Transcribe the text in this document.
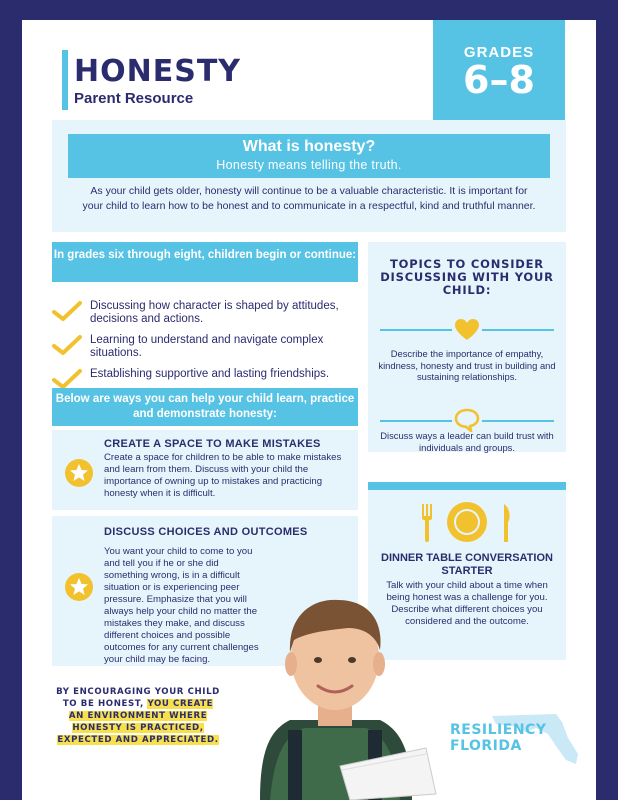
HONESTY
Parent Resource
GRADES
6–8
What is honesty?
Honesty means telling the truth.
As your child gets older, honesty will continue to be a valuable characteristic. It is important for your child to learn how to be honest and to communicate in a respectful, kind and truthful manner.
In grades six through eight, children begin or continue:
Discussing how character is shaped by attitudes, decisions and actions.
Learning to understand and navigate complex situations.
Establishing supportive and lasting friendships.
Below are ways you can help your child learn, practice and demonstrate honesty:
CREATE A SPACE TO MAKE MISTAKES
Create a space for children to be able to make mistakes and learn from them. Discuss with your child the importance of owning up to mistakes and practicing honesty when it is difficult.
DISCUSS CHOICES AND OUTCOMES
You want your child to come to you and tell you if he or she did something wrong, is in a difficult situation or is experiencing peer pressure. Emphasize that you will always help your child no matter the mistakes they make, and discuss different choices and possible outcomes for any current challenges your child may be facing.
TOPICS TO CONSIDER DISCUSSING WITH YOUR CHILD:
Describe the importance of empathy, kindness, honesty and trust in building and sustaining relationships.
Discuss ways a leader can build trust with individuals and groups.
DINNER TABLE CONVERSATION STARTER
Talk with your child about a time when being honest was a challenge for you. Describe what different choices you considered and the outcome.
BY ENCOURAGING YOUR CHILD TO BE HONEST, YOU CREATE AN ENVIRONMENT WHERE HONESTY IS PRACTICED, EXPECTED AND APPRECIATED.
RESILIENCY
FLORIDA
